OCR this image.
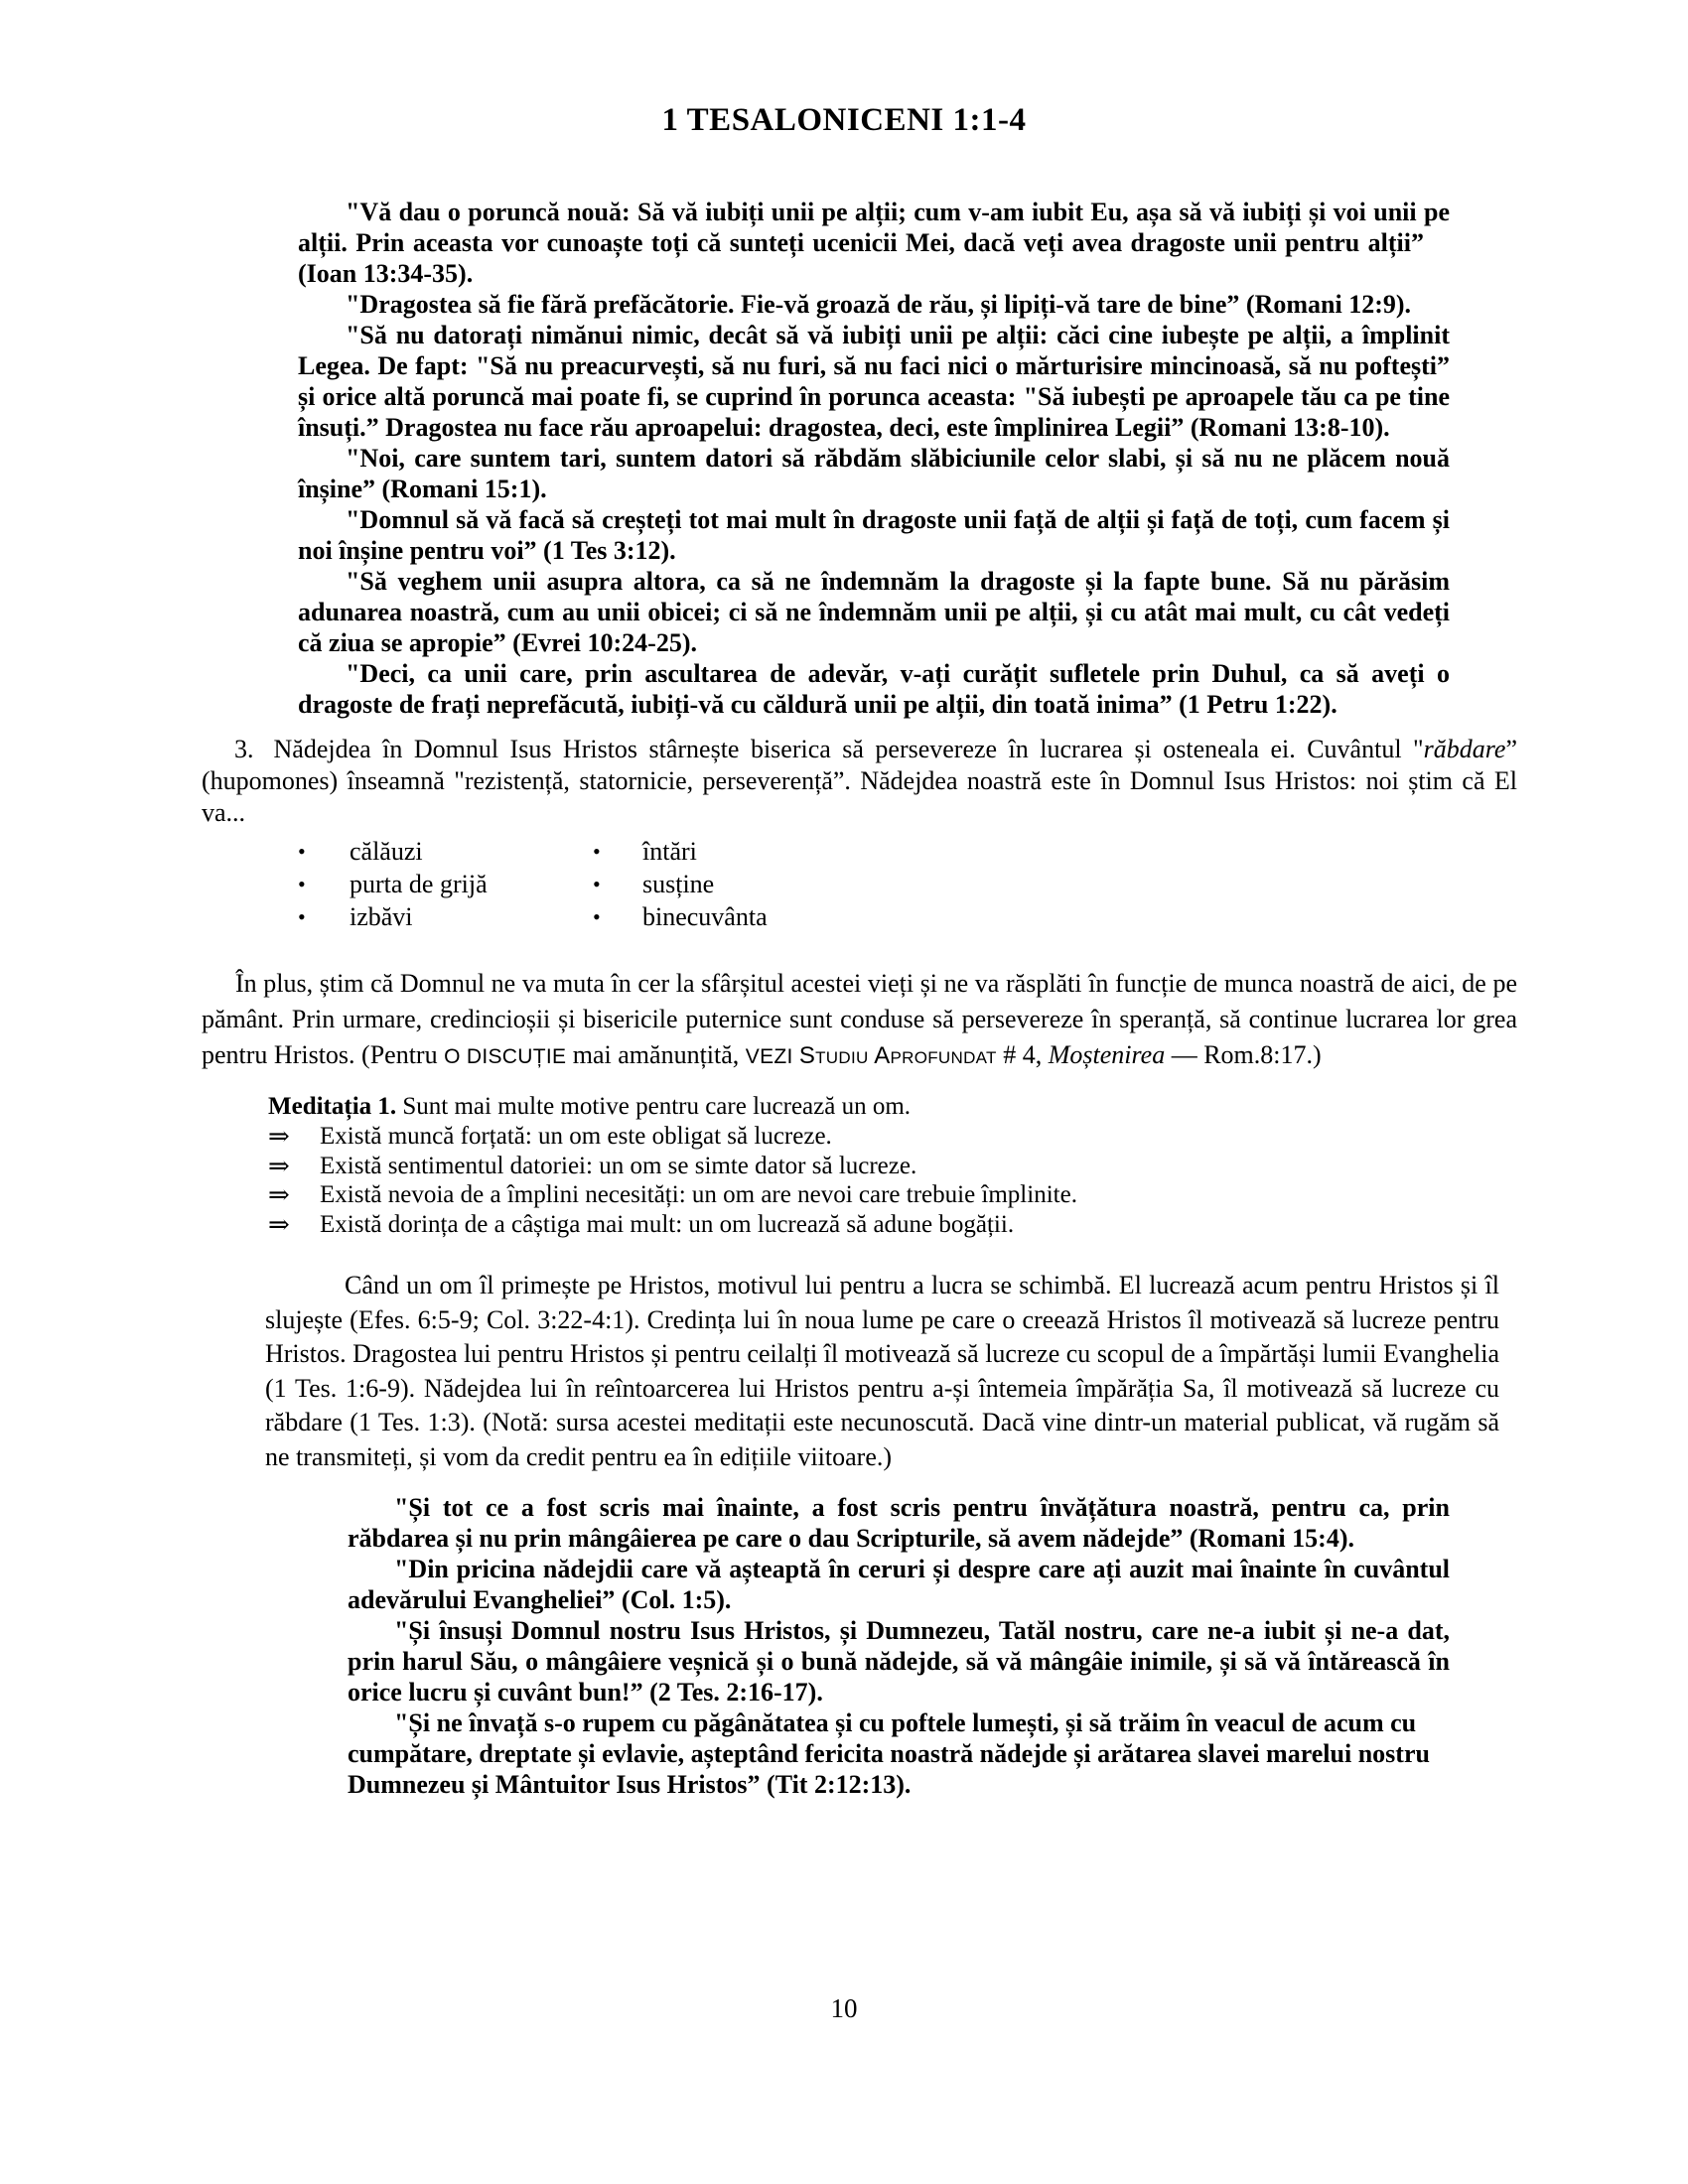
1 TESALONICENI 1:1-4

"Vă dau o poruncă nouă: Să vă iubiți unii pe alții; cum v-am iubit Eu, așa să vă iubiți și voi unii pe alții. Prin aceasta vor cunoaște toți că sunteți ucenicii Mei, dacă veți avea dragoste unii pentru alții”  (Ioan 13:34-35).

"Dragostea să fie fără prefăcătorie. Fie-vă groază de rău, și lipiți-vă tare de bine” (Romani 12:9).

"Să nu datorați nimănui nimic, decât să vă iubiți unii pe alții: căci cine iubește pe alții, a împlinit Legea. De fapt: "Să nu preacurvești, să nu furi, să nu faci nici o mărturisire mincinoasă, să nu poftești” și orice altă poruncă mai poate fi, se cuprind în porunca aceasta: "Să iubești pe aproapele tău ca pe tine însuți.” Dragostea nu face rău aproapelui: dragostea, deci, este împlinirea Legii” (Romani 13:8-10).

"Noi, care suntem tari, suntem datori să răbdăm slăbiciunile celor slabi, și să nu ne plăcem nouă înșine” (Romani 15:1).

"Domnul să vă facă să creșteți tot mai mult în dragoste unii față de alții și față de toți, cum facem și noi înșine pentru voi” (1 Tes 3:12).

"Să veghem unii asupra altora, ca să ne îndemnăm la dragoste și la fapte bune. Să nu părăsim adunarea noastră, cum au unii obicei; ci să ne îndemnăm unii pe alții, și cu atât mai mult, cu cât vedeți că ziua se apropie” (Evrei 10:24-25).

"Deci, ca unii care, prin ascultarea de adevăr, v-ați curățit sufletele prin Duhul, ca să aveți o dragoste de frați neprefăcută, iubiți-vă cu căldură unii pe alții, din toată inima” (1 Petru 1:22).

3. Nădejdea în Domnul Isus Hristos stârnește biserica să persevereze în lucrarea și osteneala ei. Cuvântul "răbdare” (hupomones) înseamnă "rezistență, statornicie, perseverență”. Nădejdea noastră este în Domnul Isus Hristos: noi știm că El va...

•	călăuzi	•	întări
•	purta de grijă	•	susține
•	izbăvi	•	binecuvânta

În plus, știm că Domnul ne va muta în cer la sfârșitul acestei vieți și ne va răsplăti în funcție de munca noastră de aici, de pe pământ. Prin urmare, credincioșii și bisericile puternice sunt conduse să persevereze în speranță, să continue lucrarea lor grea pentru Hristos. (Pentru O DISCUȚIE mai amănunțită, VEZI Studiu Aprofundat # 4, Moștenirea — Rom.8:17.)

Meditația 1. Sunt mai multe motive pentru care lucrează un om.

⇒	Există muncă forțată: un om este obligat să lucreze.
⇒	Există sentimentul datoriei: un om se simte dator să lucreze.
⇒	Există nevoia de a împlini necesități: un om are nevoi care trebuie împlinite.
⇒	Există dorința de a câștiga mai mult: un om lucrează să adune bogății.

Când un om îl primește pe Hristos, motivul lui pentru a lucra se schimbă. El lucrează acum pentru Hristos și îl slujește (Efes. 6:5-9; Col. 3:22-4:1). Credința lui în noua lume pe care o creează Hristos îl motivează să lucreze pentru Hristos. Dragostea lui pentru Hristos și pentru ceilalți îl motivează să lucreze cu scopul de a împărtăși lumii Evanghelia (1 Tes. 1:6-9). Nădejdea lui în reîntoarcerea lui Hristos pentru a-și întemeia împărăția Sa, îl motivează să lucreze cu răbdare (1 Tes. 1:3). (Notă: sursa acestei meditații este necunoscută. Dacă vine dintr-un material publicat, vă rugăm să ne transmiteți, și vom da credit pentru ea în edițiile viitoare.)

"Și tot ce a fost scris mai înainte, a fost scris pentru învățătura noastră, pentru ca, prin răbdarea și nu prin mângâierea pe care o dau Scripturile, să avem nădejde” (Romani 15:4).

"Din pricina nădejdii care vă așteaptă în ceruri și despre care ați auzit mai înainte în cuvântul adevărului Evangheliei” (Col. 1:5).

"Și însuși Domnul nostru Isus Hristos, și Dumnezeu, Tatăl nostru, care ne-a iubit și ne-a dat, prin harul Său, o mângâiere veșnică și o bună nădejde, să vă mângâie inimile, și să vă întărească în orice lucru și cuvânt bun!” (2 Tes. 2:16-17).

"Și ne învață s-o rupem cu păgânătatea și cu poftele lumești, și să trăim în veacul de acum cu cumpătare, dreptate și evlavie, așteptând fericita noastră nădejde și arătarea slavei marelui nostru Dumnezeu și Mântuitor Isus Hristos” (Tit 2:12:13).

10
